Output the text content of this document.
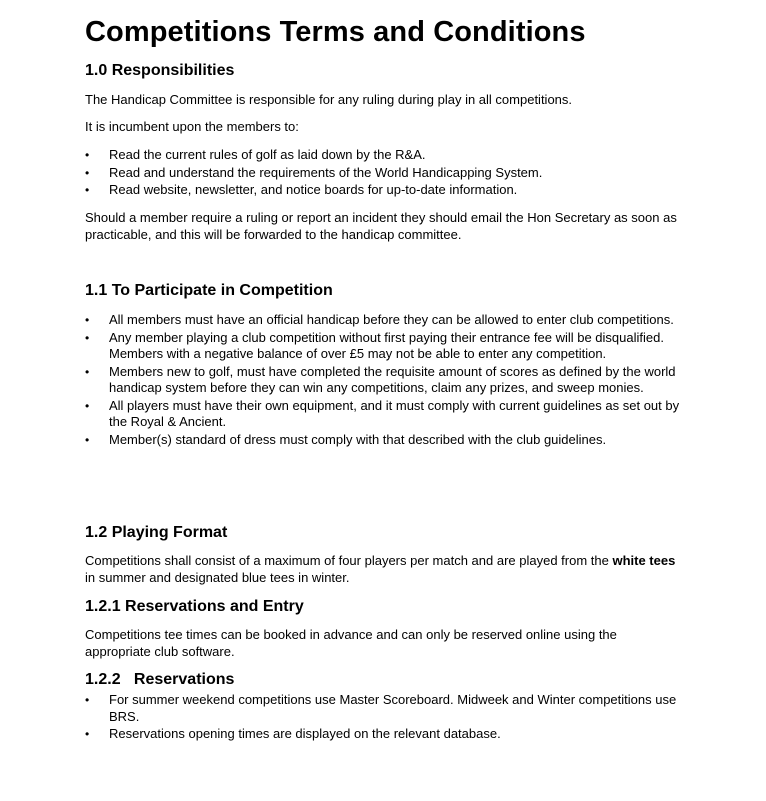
Competitions Terms and Conditions
1.0 Responsibilities

The Handicap Committee is responsible for any ruling during play in all competitions.

It is incumbent upon the members to:

•	Read the current rules of golf as laid down by the R&A.
•	Read and understand the requirements of the World Handicapping System.
•	Read website, newsletter, and notice boards for up-to-date information.

Should a member require a ruling or report an incident they should email the Hon Secretary as soon as practicable, and this will be forwarded to the handicap committee.

1.1 To Participate in Competition
•	All members must have an official handicap before they can be allowed to enter club competitions.
•	Any member playing a club competition without first paying their entrance fee will be disqualified. Members with a negative balance of over £5 may not be able to enter any competition.
•	Members new to golf, must have completed the requisite amount of scores as defined by the world handicap system before they can win any competitions, claim any prizes, and sweep monies.
•	All players must have their own equipment, and it must comply with current guidelines as set out by the Royal & Ancient.
•	Member(s) standard of dress must comply with that described with the club guidelines.
1.2 Playing Format

Competitions shall consist of a maximum of four players per match and are played from the white tees in summer and designated blue tees in winter.

1.2.1 Reservations and Entry

Competitions tee times can be booked in advance and can only be reserved online using the appropriate club software.

1.2.2   Reservations
•	For summer weekend competitions use Master Scoreboard. Midweek and Winter competitions use BRS.
•	Reservations opening times are displayed on the relevant database.
